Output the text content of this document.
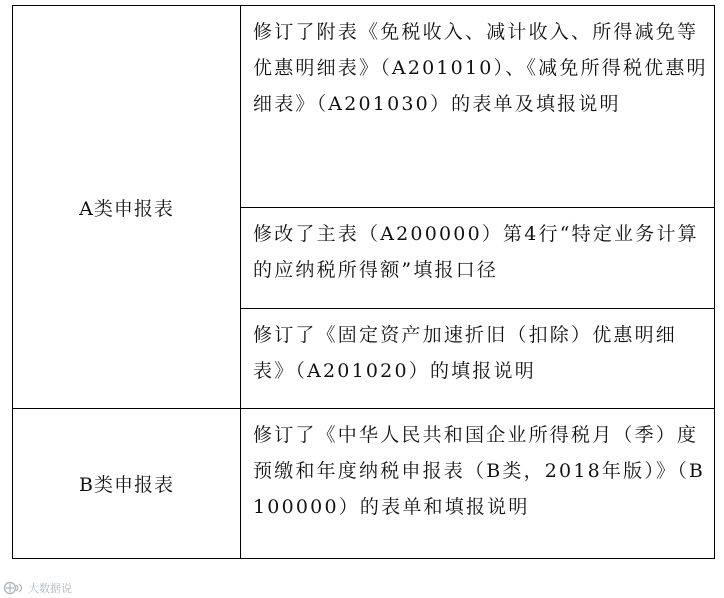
A类申报表	修订了附表《免税收入、减计收入、所得减免等优惠明细表》（A201010）、《减免所得税优惠明细表》（A201030）的表单及填报说明
	修改了主表（A200000）第4行“特定业务计算的应纳税所得额”填报口径
	修订了《固定资产加速折旧（扣除）优惠明细表》（A201020）的填报说明
B类申报表	修订了《中华人民共和国企业所得税月（季）度预缴和年度纳税申报表（B类，2018年版）》（B100000）的表单和填报说明
大数据说
